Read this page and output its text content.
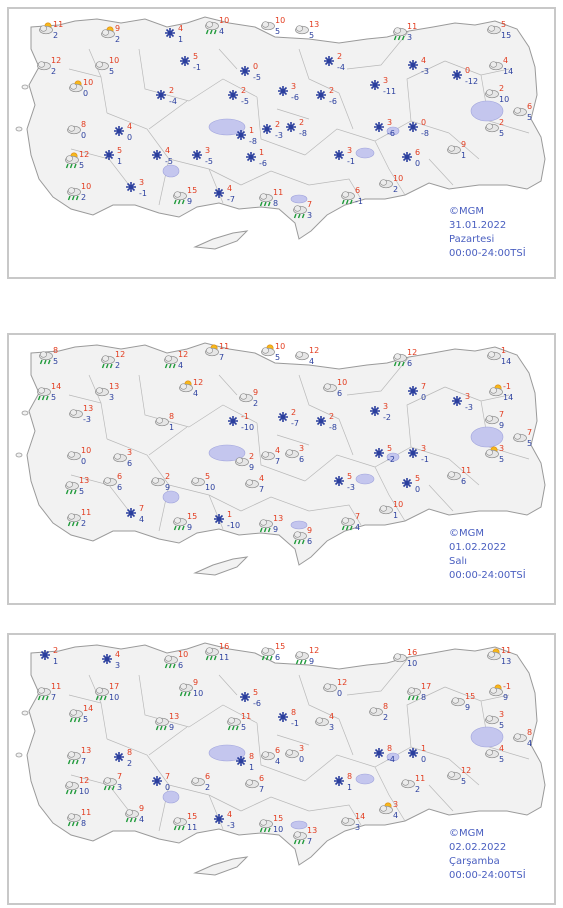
11
2
9
2
4
1
10
4
10
5
13
5
11
3
5
15
12
2
10
5
5
-1	0
-5
2
-4
4
-3	0
-12
4
14
10
0	2
-4
2
-5
3
-6
3
-11
2
-6
2
10
6
5
8
0
4
0
1
-8
2
-3
2
-8
3
-6
0
-8
2
5
12
5
5
1
4
-5
3
-5
1
-6
3
-1
6
0
9
1
10
2
3
-1	15
9
4
-7
11
8	7
3
6
-1
10
2
©MGM
31.01.2022
Pazartesi
00:00-24:00TSİ
8
5
12
2
12
4
11
7
10
5
12
4
12
6
1
14
14
5
13
3
12
4	9
2
10
6
7
0	3
-3
-1
14
13
-3	8
1
-1
-10
2
-7
3
-2
2
-8
7
9
7
5
10
0
3
6
2
9
4
7
3
6
5
-2
3
-1
3
5
13
5
6
6
2
9
5
10
4
7
5
-3
5
0
11
6
11
2
7
4	15
9
1
-10
13
9	9
6
7
4
10
1
©MGM
01.02.2022
Salı
00:00-24:00TSİ
2
1
4
3
10
6
16
11
15
6
12
9
16
10
11
13
11
7
17
10
9
10	5
-6
12
0
17
8	15
9
-1
9
14
5	13
9
11
5
8
-1
8
2
4
3
3
5
8
4
13
7
8
2
8
1
6
4
3
0
8
-4
1
0
4
5
12
10
7
3
7
0
6
2
6
7
8
1
11
2
12
5
11
8
9
4	15
11
4
-3
15
10	13
7
14
3
3
4
©MGM
02.02.2022
Çarşamba
00:00-24:00TSİ
